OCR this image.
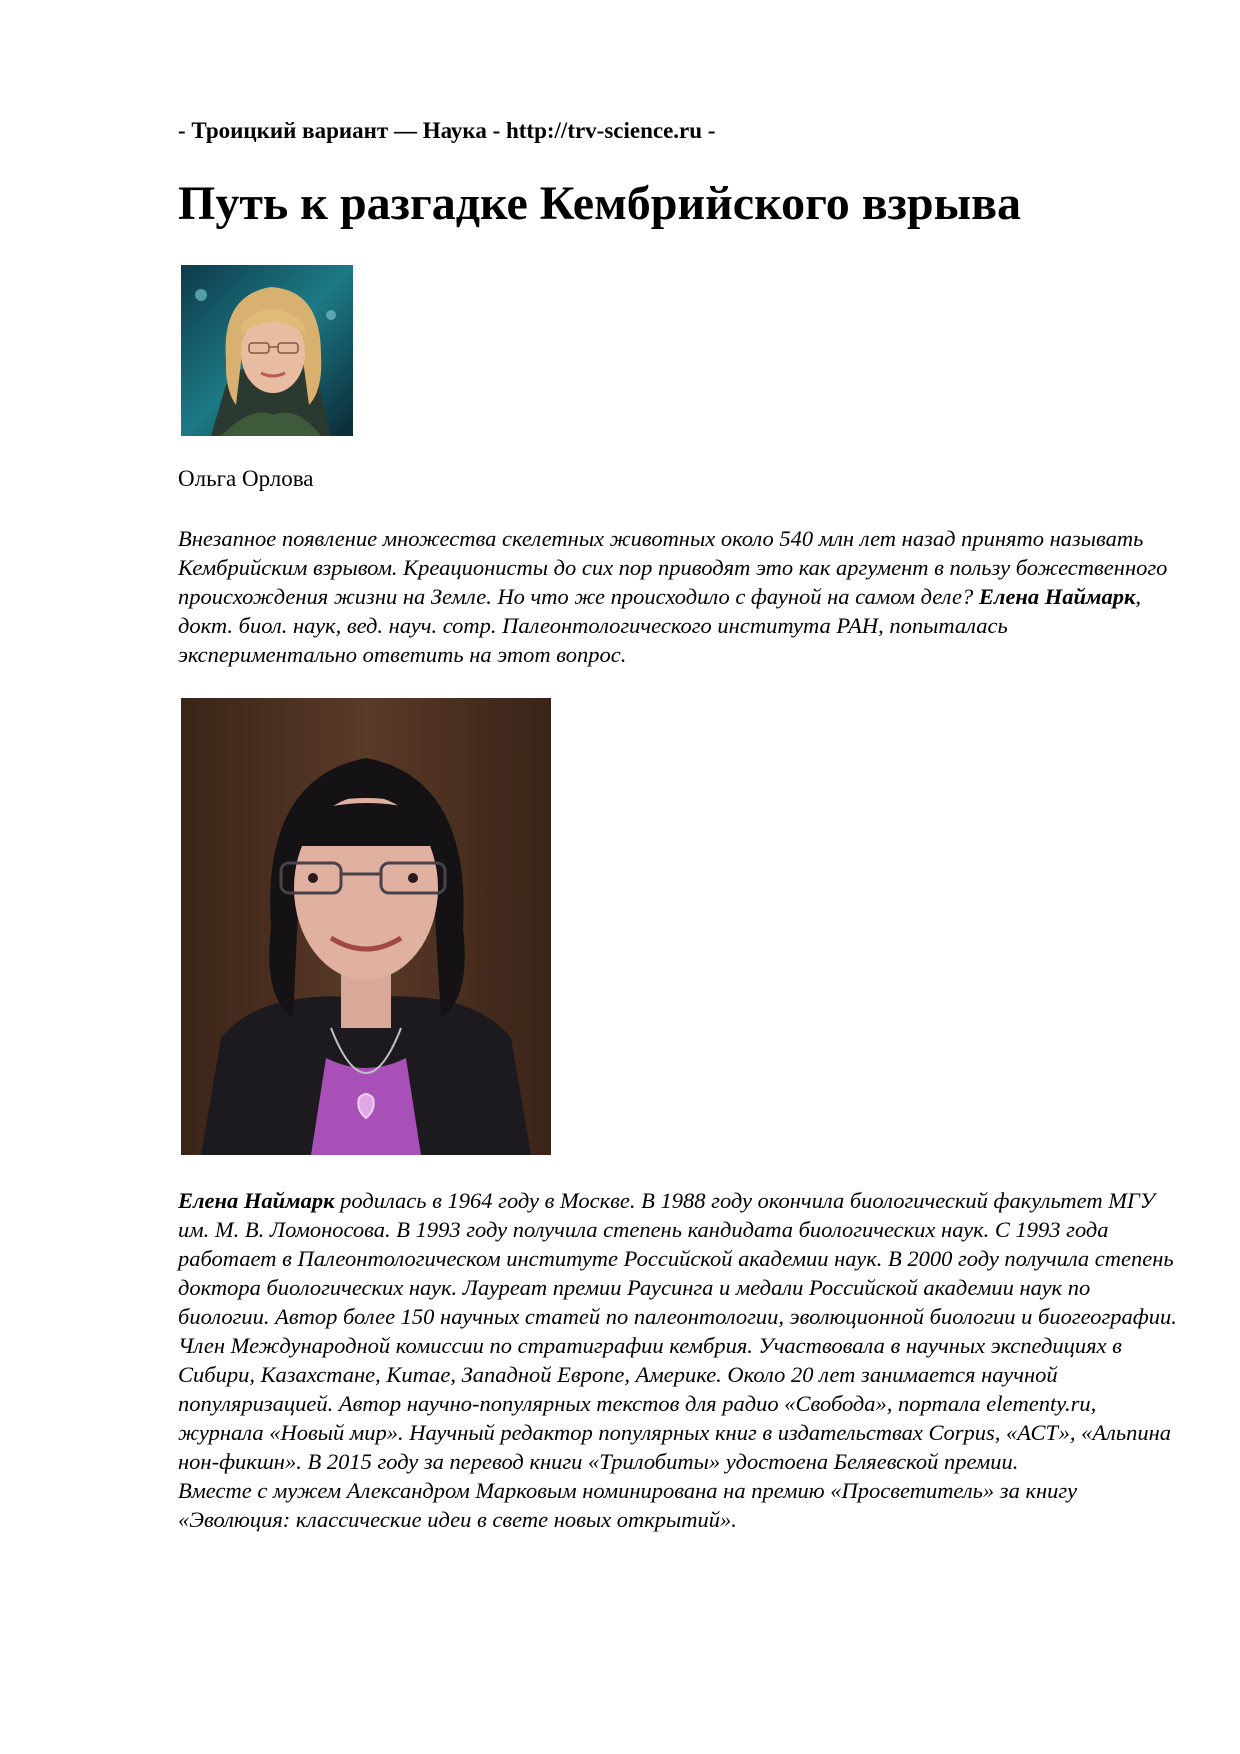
- Троицкий вариант — Наука - http://trv-science.ru -
Путь к разгадке Кембрийского взрыва
Ольга Орлова

Внезапное появление множества скелетных животных около 540 млн лет назад принято называть Кембрийским взрывом. Креационисты до сих пор приводят это как аргумент в пользу божественного происхождения жизни на Земле. Но что же происходило с фауной на самом деле? Елена Наймарк, докт. биол. наук, вед. науч. сотр. Палеонтологического института РАН, попыталась экспериментально ответить на этот вопрос.

Елена Наймарк родилась в 1964 году в Москве. В 1988 году окончила биологический факультет МГУ им. М. В. Ломоносова. В 1993 году получила степень кандидата биологических наук. С 1993 года работает в Палеонтологическом институте Российской академии наук. В 2000 году получила степень доктора биологических наук. Лауреат премии Раусинга и медали Российской академии наук по биологии. Автор более 150 научных статей по палеонтологии, эволюционной биологии и биогеографии. Член Международной комиссии по стратиграфии кембрия. Участвовала в научных экспедициях в Сибири, Казахстане, Китае, Западной Европе, Америке. Около 20 лет занимается научной популяризацией. Автор научно-популярных текстов для радио «Свобода», портала elementy.ru, журнала «Новый мир». Научный редактор популярных книг в издательствах Corpus, «АСТ», «Альпина нон-фикшн». В 2015 году за перевод книги «Трилобиты» удостоена Беляевской премии.

Вместе с мужем Александром Марковым номинирована на премию «Просветитель» за книгу «Эволюция: классические идеи в свете новых открытий».
